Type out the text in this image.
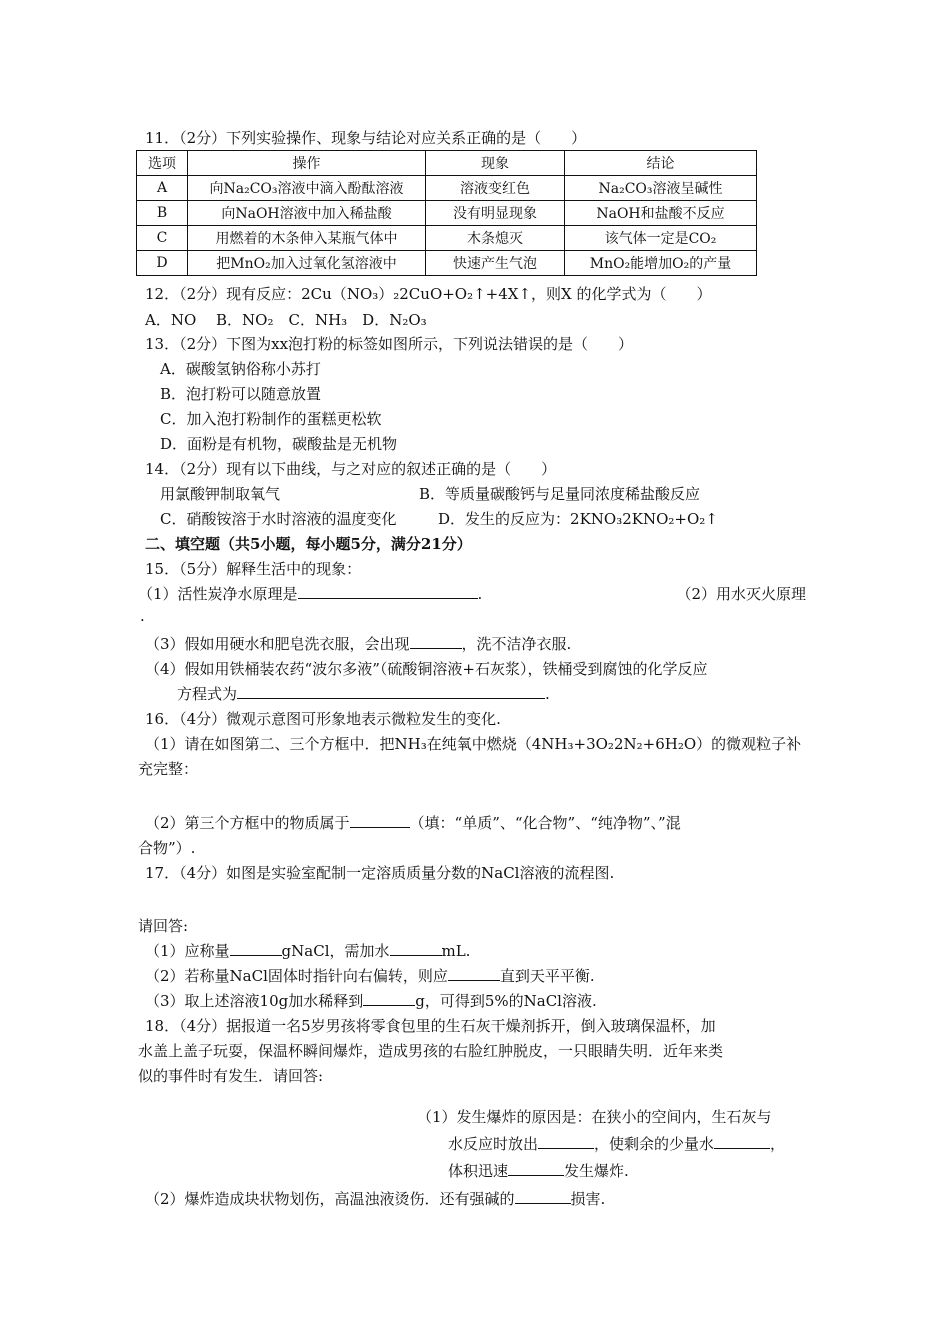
11．（2分）下列实验操作、现象与结论对应关系正确的是（　　）
选项	操作	现象	结论
A	向Na₂CO₃溶液中滴入酚酞溶液	溶液变红色	Na₂CO₃溶液呈碱性
B	向NaOH溶液中加入稀盐酸	没有明显现象	NaOH和盐酸不反应
C	用燃着的木条伸入某瓶气体中	木条熄灭	该气体一定是CO₂
D	把MnO₂加入过氧化氢溶液中	快速产生气泡	MnO₂能增加O₂的产量
12．（2分）现有反应：2Cu（NO₃）₂2CuO+O₂↑+4X↑，则X 的化学式为（　　）
A．NO　 B．NO₂　C．NH₃　D．N₂O₃
13．（2分）下图为xx泡打粉的标签如图所示，下列说法错误的是（　　）
A．碳酸氢钠俗称小苏打
B．泡打粉可以随意放置
C．加入泡打粉制作的蛋糕更松软
D．面粉是有机物，碳酸盐是无机物
14．（2分）现有以下曲线，与之对应的叙述正确的是（　　）
用氯酸钾制取氧气	B．等质量碳酸钙与足量同浓度稀盐酸反应
C．硝酸铵溶于水时溶液的温度变化	D．发生的反应为：2KNO₃2KNO₂+O₂↑
二、填空题（共5小题，每小题5分，满分21分）
15．（5分）解释生活中的现象：
（1）活性炭净水原理是	.	（2）用水灭火原理
.
（3）假如用硬水和肥皂洗衣服，会出现	，洗不洁净衣服.
（4）假如用铁桶装农药“波尔多液”（硫酸铜溶液+石灰浆），铁桶受到腐蚀的化学反应
方程式为	.
16．（4分）微观示意图可形象地表示微粒发生的变化.
（1）请在如图第二、三个方框中．把NH₃在纯氧中燃烧（4NH₃+3O₂2N₂+6H₂O）的微观粒子补
充完整：
（2）第三个方框中的物质属于	（填：“单质”、“化合物”、“纯净物”、”混
合物”）.
17．（4分）如图是实验室配制一定溶质质量分数的NaCl溶液的流程图.
请回答:
（1）应称量	gNaCl，需加水	mL.
（2）若称量NaCl固体时指针向右偏转，则应	直到天平平衡.
（3）取上述溶液10g加水稀释到	g，可得到5%的NaCl溶液.
18．（4分）据报道一名5岁男孩将零食包里的生石灰干燥剂拆开，倒入玻璃保温杯，加
水盖上盖子玩耍，保温杯瞬间爆炸，造成男孩的右脸红肿脱皮，一只眼睛失明．近年来类
似的事件时有发生．请回答:
（1）发生爆炸的原因是：在狭小的空间内，生石灰与
水反应时放出	，使剩余的少量水	，
体积迅速	发生爆炸.
（2）爆炸造成块状物划伤，高温浊液烫伤．还有强碱的	损害.
